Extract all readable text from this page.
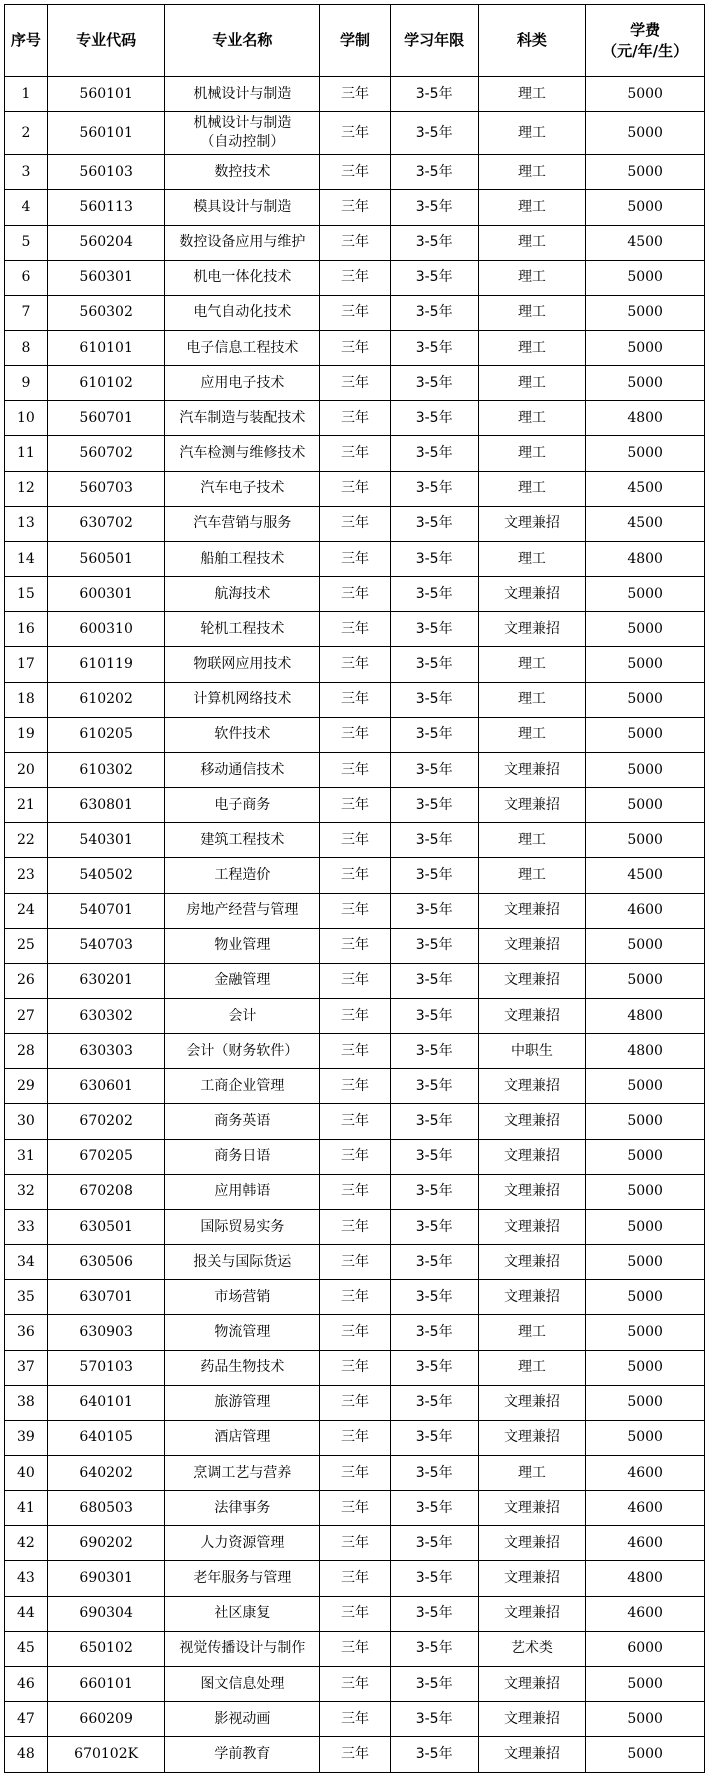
序号	专业代码	专业名称	学制	学习年限	科类	学费
（元/年/生）

1	560101	机械设计与制造	三年	3-5年	理工	5000
2	560101	机械设计与制造
（自动控制）	三年	3-5年	理工	5000
3	560103	数控技术	三年	3-5年	理工	5000
4	560113	模具设计与制造	三年	3-5年	理工	5000
5	560204	数控设备应用与维护	三年	3-5年	理工	4500
6	560301	机电一体化技术	三年	3-5年	理工	5000
7	560302	电气自动化技术	三年	3-5年	理工	5000
8	610101	电子信息工程技术	三年	3-5年	理工	5000
9	610102	应用电子技术	三年	3-5年	理工	5000
10	560701	汽车制造与装配技术	三年	3-5年	理工	4800
11	560702	汽车检测与维修技术	三年	3-5年	理工	5000
12	560703	汽车电子技术	三年	3-5年	理工	4500
13	630702	汽车营销与服务	三年	3-5年	文理兼招	4500
14	560501	船舶工程技术	三年	3-5年	理工	4800
15	600301	航海技术	三年	3-5年	文理兼招	5000
16	600310	轮机工程技术	三年	3-5年	文理兼招	5000
17	610119	物联网应用技术	三年	3-5年	理工	5000
18	610202	计算机网络技术	三年	3-5年	理工	5000
19	610205	软件技术	三年	3-5年	理工	5000
20	610302	移动通信技术	三年	3-5年	文理兼招	5000
21	630801	电子商务	三年	3-5年	文理兼招	5000
22	540301	建筑工程技术	三年	3-5年	理工	5000
23	540502	工程造价	三年	3-5年	理工	4500
24	540701	房地产经营与管理	三年	3-5年	文理兼招	4600
25	540703	物业管理	三年	3-5年	文理兼招	5000
26	630201	金融管理	三年	3-5年	文理兼招	5000
27	630302	会计	三年	3-5年	文理兼招	4800
28	630303	会计（财务软件）	三年	3-5年	中职生	4800
29	630601	工商企业管理	三年	3-5年	文理兼招	5000
30	670202	商务英语	三年	3-5年	文理兼招	5000
31	670205	商务日语	三年	3-5年	文理兼招	5000
32	670208	应用韩语	三年	3-5年	文理兼招	5000
33	630501	国际贸易实务	三年	3-5年	文理兼招	5000
34	630506	报关与国际货运	三年	3-5年	文理兼招	5000
35	630701	市场营销	三年	3-5年	文理兼招	5000
36	630903	物流管理	三年	3-5年	理工	5000
37	570103	药品生物技术	三年	3-5年	理工	5000
38	640101	旅游管理	三年	3-5年	文理兼招	5000
39	640105	酒店管理	三年	3-5年	文理兼招	5000
40	640202	烹调工艺与营养	三年	3-5年	理工	4600
41	680503	法律事务	三年	3-5年	文理兼招	4600
42	690202	人力资源管理	三年	3-5年	文理兼招	4600
43	690301	老年服务与管理	三年	3-5年	文理兼招	4800
44	690304	社区康复	三年	3-5年	文理兼招	4600
45	650102	视觉传播设计与制作	三年	3-5年	艺术类	6000
46	660101	图文信息处理	三年	3-5年	文理兼招	5000
47	660209	影视动画	三年	3-5年	文理兼招	5000
48	670102K	学前教育	三年	3-5年	文理兼招	5000
